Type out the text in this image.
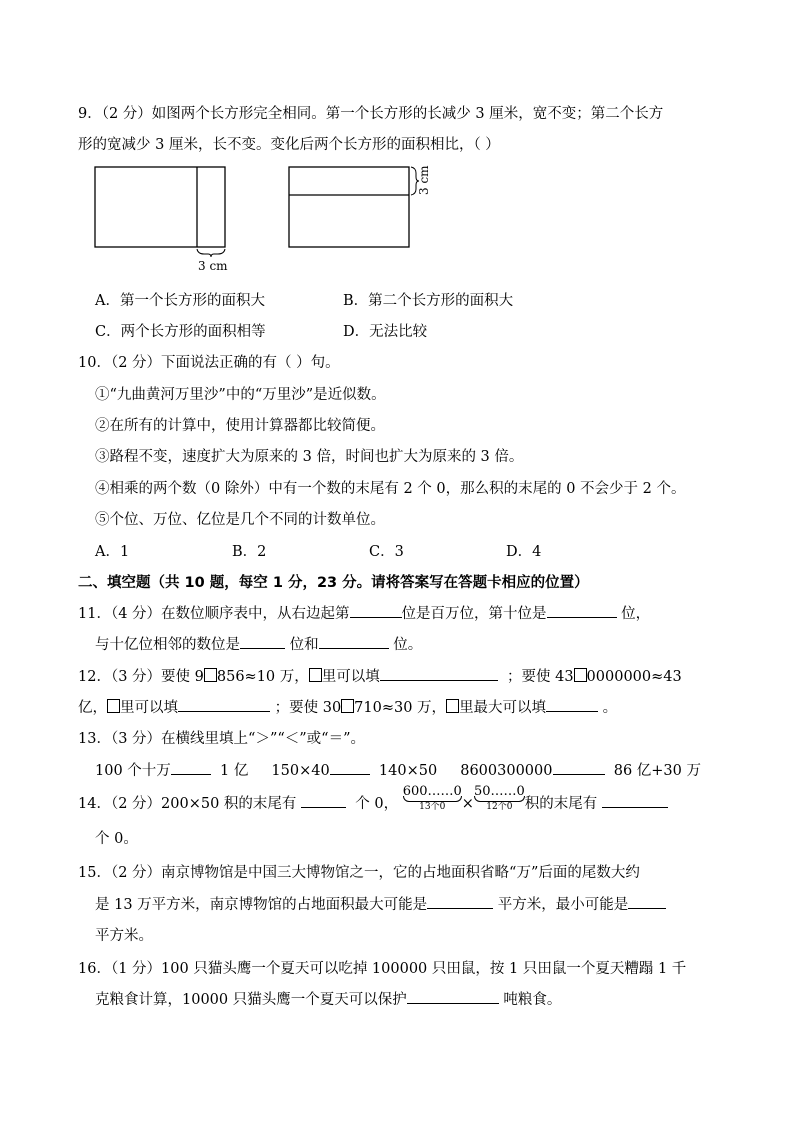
9．（2 分）如图两个长方形完全相同。第一个长方形的长减少 3 厘米，宽不变；第二个长方
形的宽减少 3 厘米，长不变。变化后两个长方形的面积相比，（ ）
3 cm
3 cm
A．第一个长方形的面积大	B．第二个长方形的面积大
C．两个长方形的面积相等	D．无法比较
10．（2 分）下面说法正确的有（ ）句。
①“九曲黄河万里沙”中的“万里沙”是近似数。
②在所有的计算中，使用计算器都比较简便。
③路程不变，速度扩大为原来的 3 倍，时间也扩大为原来的 3 倍。
④相乘的两个数（0 除外）中有一个数的末尾有 2 个 0，那么积的末尾的 0 不会少于 2 个。
⑤个位、万位、亿位是几个不同的计数单位。
A．1	B．2	C．3	D．4
二、填空题（共 10 题，每空 1 分，23 分。请将答案写在答题卡相应的位置）
11．（4 分）在数位顺序表中，从右边起第	位是百万位，第十位是	位，
与十亿位相邻的数位是	位和	位。
12．（3 分）要使 9 856≈10 万， 里可以填	；要使 43 0000000≈43
亿， 里可以填	；要使 30 710≈30 万， 里最大可以填	。
13．（3 分）在横线里填上“＞”“＜”或“＝”。
100 个十万	1 亿 150×40	140×50 8600300000	86 亿+30 万
14．（2 分）200×50 积的末尾有	个 0，
600……0
13个0	×
50……0
12个0 积的末尾有
个 0。
15．（2 分）南京博物馆是中国三大博物馆之一，它的占地面积省略“万”后面的尾数大约
是 13 万平方米，南京博物馆的占地面积最大可能是	平方米，最小可能是
平方米。
16．（1 分）100 只猫头鹰一个夏天可以吃掉 100000 只田鼠，按 1 只田鼠一个夏天糟蹋 1 千
克粮食计算，10000 只猫头鹰一个夏天可以保护	吨粮食。
